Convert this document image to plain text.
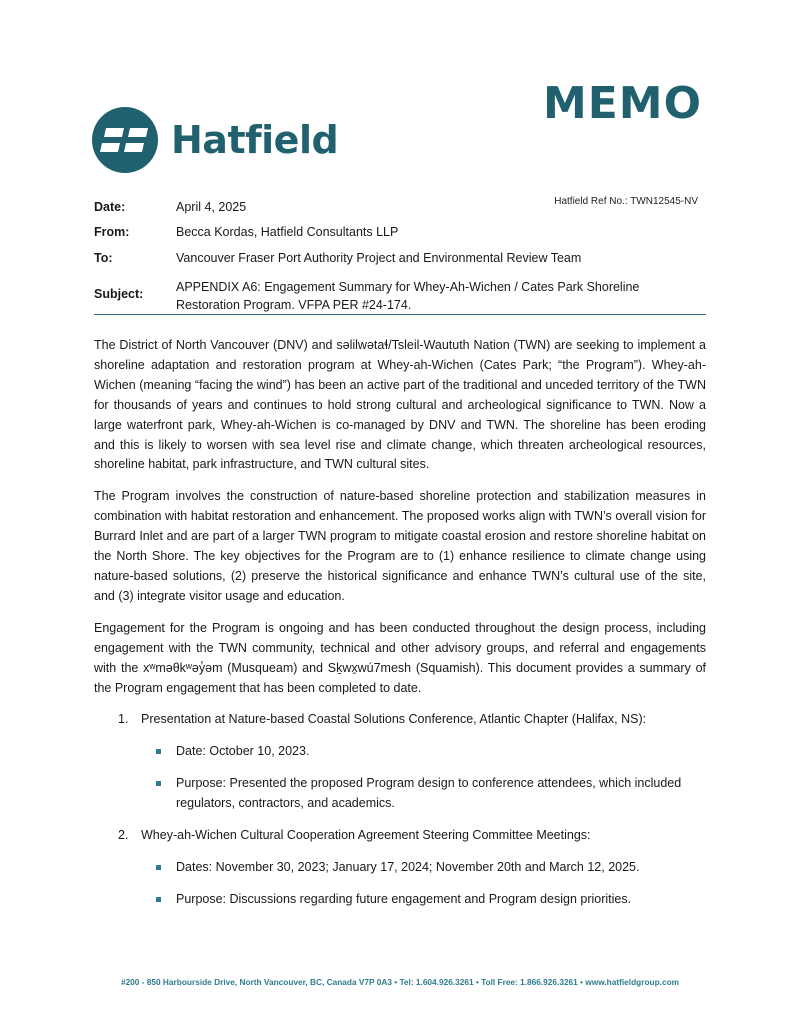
MEMO
Hatfield
Hatfield Ref No.: TWN12545-NV
Date:	April 4, 2025
From:	Becca Kordas, Hatfield Consultants LLP
To:	Vancouver Fraser Port Authority Project and Environmental Review Team
Subject:	APPENDIX A6: Engagement Summary for Whey-Ah-Wichen / Cates Park Shoreline
Restoration Program. VFPA PER #24-174.

The District of North Vancouver (DNV) and səlilwətaɬ/Tsleil-Waututh Nation (TWN) are seeking to implement a shoreline adaptation and restoration program at Whey-ah-Wichen (Cates Park; “the Program”). Whey-ah-Wichen (meaning “facing the wind”) has been an active part of the traditional and unceded territory of the TWN for thousands of years and continues to hold strong cultural and archeological significance to TWN. Now a large waterfront park, Whey-ah-Wichen is co-managed by DNV and TWN. The shoreline has been eroding and this is likely to worsen with sea level rise and climate change, which threaten archeological resources, shoreline habitat, park infrastructure, and TWN cultural sites.

The Program involves the construction of nature-based shoreline protection and stabilization measures in combination with habitat restoration and enhancement. The proposed works align with TWN’s overall vision for Burrard Inlet and are part of a larger TWN program to mitigate coastal erosion and restore shoreline habitat on the North Shore. The key objectives for the Program are to (1) enhance resilience to climate change using nature-based solutions, (2) preserve the historical significance and enhance TWN’s cultural use of the site, and (3) integrate visitor usage and education.

Engagement for the Program is ongoing and has been conducted throughout the design process, including engagement with the TWN community, technical and other advisory groups, and referral and engagements with the xʷməθkʷəy̓əm (Musqueam) and Sḵwx̱wú7mesh (Squamish). This document provides a summary of the Program engagement that has been completed to date.

1. Presentation at Nature-based Coastal Solutions Conference, Atlantic Chapter (Halifax, NS):
Date: October 10, 2023.
Purpose: Presented the proposed Program design to conference attendees, which included regulators, contractors, and academics.
2. Whey-ah-Wichen Cultural Cooperation Agreement Steering Committee Meetings:
Dates: November 30, 2023; January 17, 2024; November 20th and March 12, 2025.
Purpose: Discussions regarding future engagement and Program design priorities.
#200 - 850 Harbourside Drive, North Vancouver, BC, Canada V7P 0A3 • Tel: 1.604.926.3261 • Toll Free: 1.866.926.3261 • www.hatfieldgroup.com
